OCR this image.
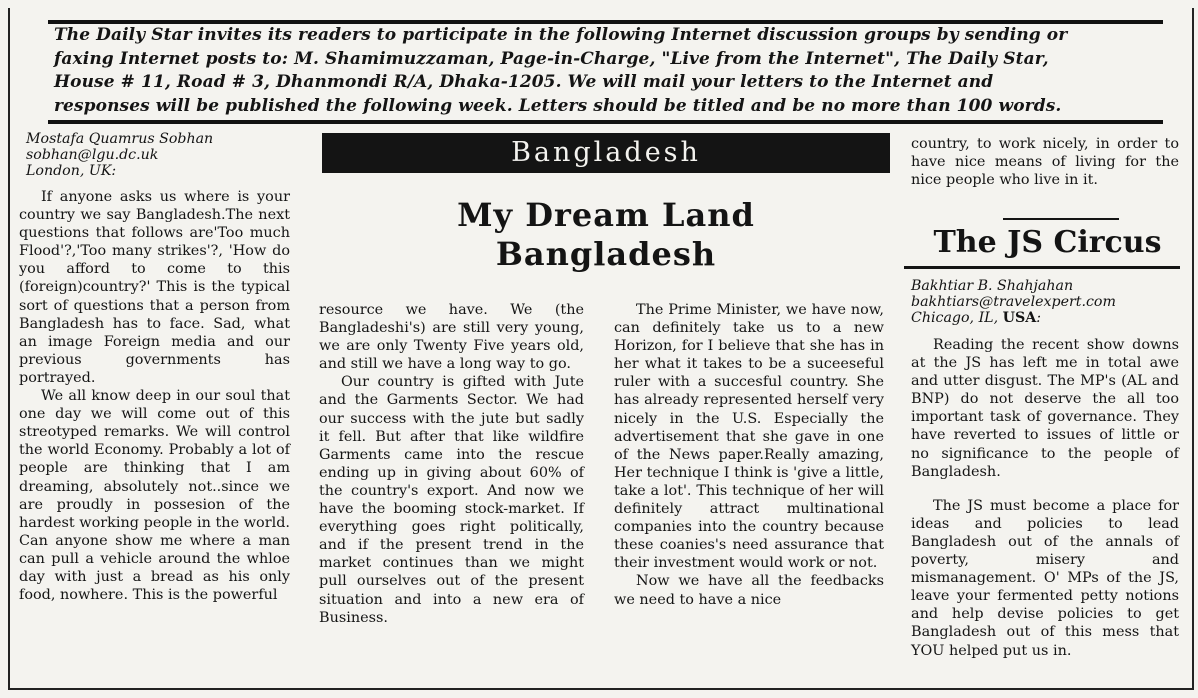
The Daily Star invites its readers to participate in the following Internet discussion groups by sending or
faxing Internet posts to: M. Shamimuzzaman, Page-in-Charge, "Live from the Internet", The Daily Star,
House # 11, Road # 3, Dhanmondi R/A, Dhaka-1205. We will mail your letters to the Internet and
responses will be published the following week. Letters should be titled and be no more than 100 words.
Mostafa Quamrus Sobhan
sobhan@lgu.dc.uk
London, UK:

If anyone asks us where is your country we say Bangladesh.The next questions that follows are'Too much Flood'?,'Too many strikes'?, 'How do you afford to come to this (foreign)country?' This is the typical sort of questions that a person from Bangladesh has to face. Sad, what an image Foreign media and our previous governments has portrayed.

We all know deep in our soul that one day we will come out of this streotyped remarks. We will control the world Economy. Probably a lot of people are thinking that I am dreaming, absolutely not..since we are proudly in possesion of the hardest working people in the world. Can anyone show me where a man can pull a vehicle around the whloe day with just a bread as his only food, nowhere. This is the powerful

Bangladesh
My Dream Land
Bangladesh

resource we have. We (the Bangladeshi's) are still very young, we are only Twenty Five years old, and still we have a long way to go.

Our country is gifted with Jute and the Garments Sector. We had our success with the jute but sadly it fell. But after that like wildfire Garments came into the rescue ending up in giving about 60% of the country's export. And now we have the booming stock-market. If everything goes right politically, and if the present trend in the market continues than we might pull ourselves out of the present situation and into a new era of Business.

The Prime Minister, we have now, can definitely take us to a new Horizon, for I believe that she has in her what it takes to be a suceeseful ruler with a succesful country. She has already represented herself very nicely in the U.S. Especially the advertisement that she gave in one of the News paper.Really amazing, Her technique I think is 'give a little, take a lot'. This technique of her will definitely attract multinational companies into the country because these coanies's need assurance that their investment would work or not.

Now we have all the feedbacks we need to have a nice

country, to work nicely, in order to have nice means of living for the nice people who live in it.

The JS Circus
Bakhtiar B. Shahjahan
bakhtiars@travelexpert.com
Chicago, IL, USA:

Reading the recent show downs at the JS has left me in total awe and utter disgust. The MP's (AL and BNP) do not deserve the all too important task of governance. They have reverted to issues of little or no significance to the people of Bangladesh.

The JS must become a place for ideas and policies to lead Bangladesh out of the annals of poverty, misery and mismanagement. O' MPs of the JS, leave your fermented petty notions and help devise policies to get Bangladesh out of this mess that YOU helped put us in.
